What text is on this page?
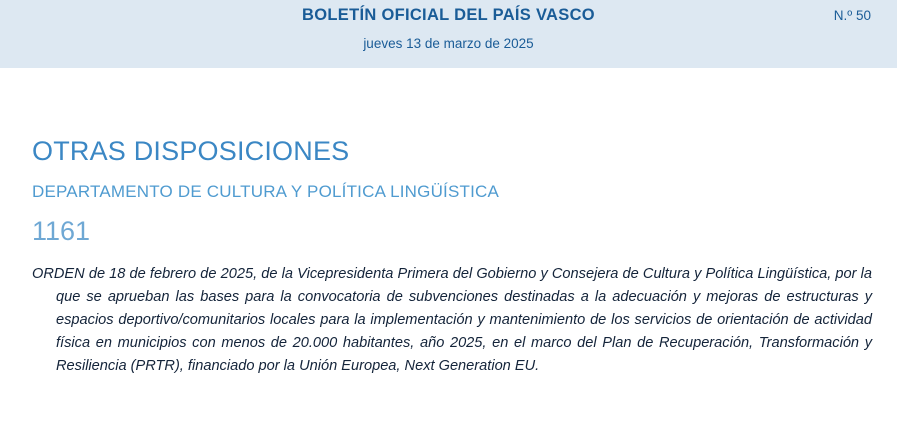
BOLETÍN OFICIAL DEL PAÍS VASCO	N.º 50
jueves 13 de marzo de 2025
OTRAS DISPOSICIONES
DEPARTAMENTO DE CULTURA Y POLÍTICA LINGÜÍSTICA
1161
ORDEN de 18 de febrero de 2025, de la Vicepresidenta Primera del Gobierno y Consejera de Cultura y Política Lingüística, por la que se aprueban las bases para la convocatoria de subvenciones destinadas a la adecuación y mejoras de estructuras y espacios deportivo/comunitarios locales para la implementación y mantenimiento de los servicios de orientación de actividad física en municipios con menos de 20.000 habitantes, año 2025, en el marco del Plan de Recuperación, Transformación y Resiliencia (PRTR), financiado por la Unión Europea, Next Generation EU.
